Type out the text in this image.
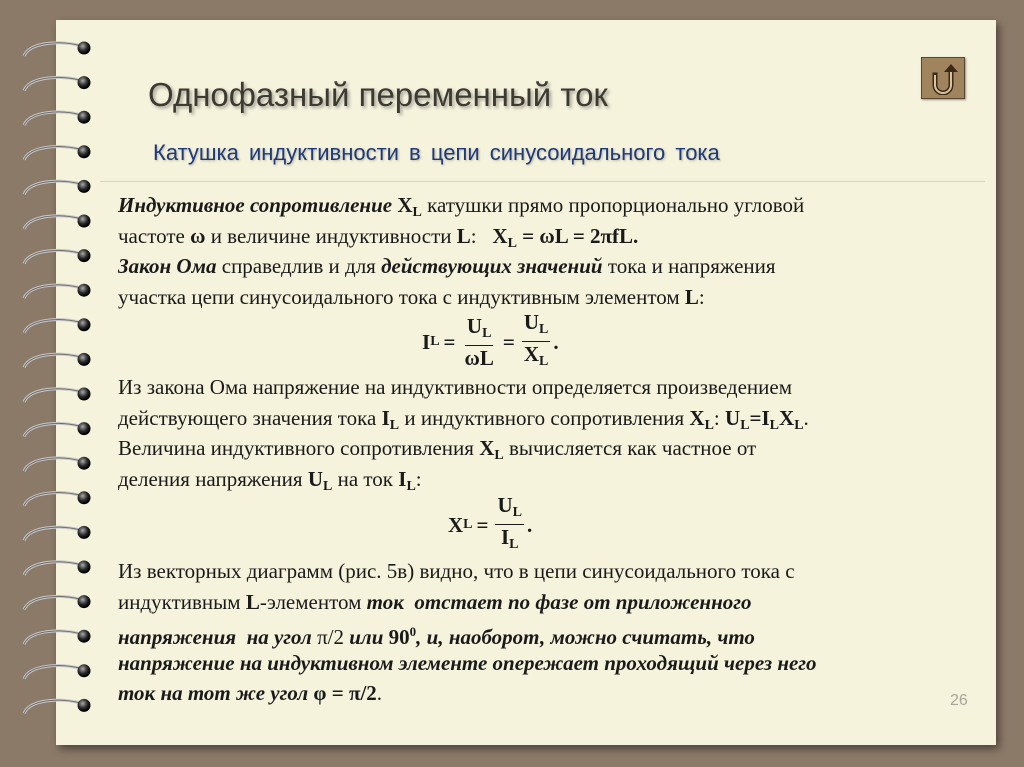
Однофазный переменный ток
Катушка индуктивности в цепи синусоидального тока
Индуктивное сопротивление $X_L$ катушки прямо пропорционально угловой
частоте ω и величине индуктивности L:   $X_L = \omega L = 2\pi fL$.
Закон Ома справедлив и для действующих значений тока и напряжения
участка цепи синусоидального тока с индуктивным элементом L:
I $L = \frac{U_L}{\omega L} = \frac{U_L}{X_L}$ .
Из закона Ома напряжение на индуктивности определяется произведением
действующего значения тока $I_L$ и индуктивного сопротивления $X_L$: $U_L=I_LX_L$.
Величина индуктивного сопротивления $X_L$ вычисляется как частное от
деления напряжения $U_L$ на ток $I_L$:
X $L = \frac{U_L}{I_L}$ .
Из векторных диаграмм (рис. 5в) видно, что в цепи синусоидального тока с
индуктивным L-элементом ток  отстает по фазе от приложенного
напряжения  на угол π/2 или $90^0$, и, наоборот, можно считать, что
напряжение на индуктивном элементе опережает проходящий через него
ток на тот же угол φ = π/2.	26
